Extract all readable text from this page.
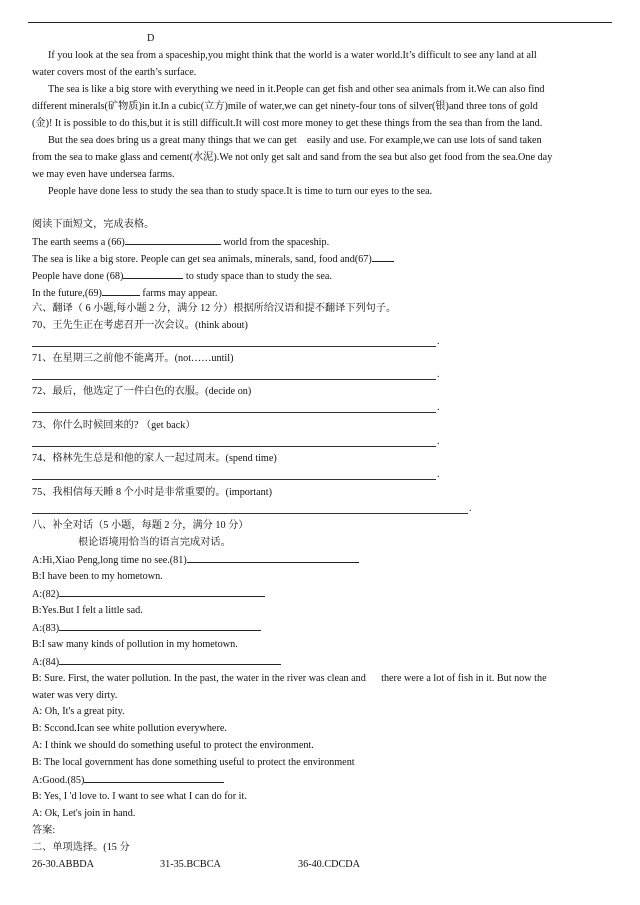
D
If you look at the sea from a spaceship,you might think that the world is a water world.It’s difficult to see any land at all
water covers most of the earth’s surface.
The sea is like a big store with everything we need in it.People can get fish and other sea animals from it.We can also find
different minerals(矿物质)in it.In a cubic(立方)mile of water,we can get ninety-four tons of silver(银)and three tons of gold
(金)! It is possible to do this,but it is still difficult.It will cost more money to get these things from the sea than from the land.
But the sea does bring us a great many things that we can get    easily and use. For example,we can use lots of sand taken
from the sea to make glass and cement(水泥).We not only get salt and sand from the sea but also get food from the sea.One day
we may even have undersea farms.
People have done less to study the sea than to study space.It is time to turn our eyes to the sea.
阅读下面短文，完成表格。
The earth seems a (66)	world from the spaceship.
The sea is like a big store. People can get sea animals, minerals, sand, food and(67)
People have done (68)	to study space than to study the sea.
In the future,(69)	farms may appear.
六、翻译（ 6 小题,每小题 2 分，满分 12 分）根据所给汉语和提不翻译下列句子。
70、王先生正在考虑召开一次会议。(think about)
.
71、在星期三之前他不能离开。(not……until)
.
72、最后，他选定了一件白色的衣服。(decide on)
.
73、你什么时候回来的? （get back）
.
74、格林先生总是和他的家人一起过周末。(spend time)
.
75、我相信每天睡 8 个小时是非常重要的。(important)
.
八、补全对话（5 小题，每题 2 分，满分 10 分）
根论语境用恰当的语言完成对话。
A:Hi,Xiao Peng,long time no see.(81)
B:I have been to my hometown.
A:(82)
B:Yes.But I felt a little sad.
A:(83)
B:I saw many kinds of pollution in my hometown.
A:(84)
B: Sure. First, the water pollution. In the past, the water in the river was clean and      there were a lot of fish in it. But now the
water was very dirty.
A: Oh, It's a great pity.
B: Sccond.Ican see white pollution everywhere.
A: I think we should do something useful to protect the environment.
B: The local government has done something useful to protect the environment
A:Good.(85)
B: Yes, I 'd love to. I want to see what I can do for it.
A: Ok, Let's join in hand.
答案:
二、单项选择。(15 分
26-30.ABBDA	31-35.BCBCA	36-40.CDCDA
